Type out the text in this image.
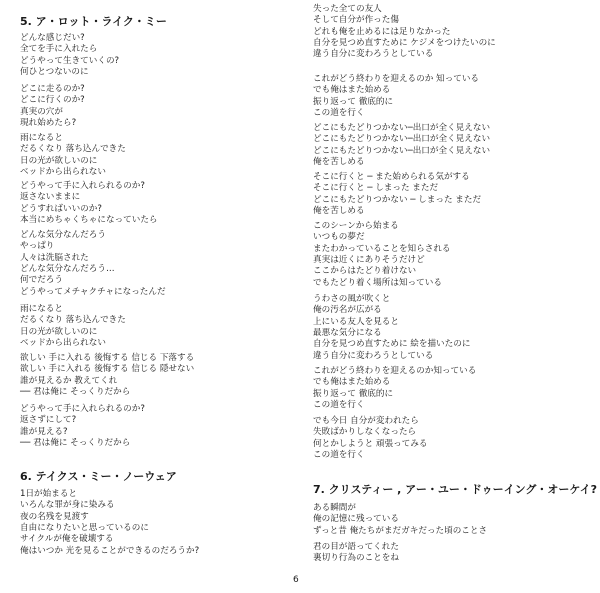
5. ア・ロット・ライク・ミー
どんな感じだい?
全てを手に入れたら
どうやって生きていくの?
何ひとつないのに
どこに走るのか?
どこに行くのか?
真実の穴が
現れ始めたら?
雨になると
だるくなり 落ち込んできた
日の光が欲しいのに
ベッドから出られない
どうやって手に入れられるのか?
返さないままに
どうすればいいのか?
本当にめちゃくちゃになっていたら
どんな気分なんだろう
やっぱり
人々は洗脳された
どんな気分なんだろう…
何でだろう
どうやってメチャクチャになったんだ
雨になると
だるくなり 落ち込んできた
日の光が欲しいのに
ベッドから出られない
欲しい 手に入れる 後悔する 信じる 下落する
欲しい 手に入れる 後悔する 信じる 隠せない
誰が見えるか 教えてくれ
── 君は俺に そっくりだから
どうやって手に入れられるのか?
返さずにして?
誰が見える?
── 君は俺に そっくりだから
6. テイクス・ミー・ノーウェア
1日が始まると
いろんな罪が身に染みる
夜の名残を見渡す
自由になりたいと思っているのに
サイクルが俺を破壊する
俺はいつか 光を見ることができるのだろうか?
失った全ての友人
そして自分が作った傷
どれも俺を止めるには足りなかった
自分を見つめ直すために ケジメをつけたいのに
違う自分に変わろうとしている
これがどう終わりを迎えるのか 知っている
でも俺はまた始める
振り返って 徹底的に
この道を行く
どこにもたどりつかない─出口が全く見えない
どこにもたどりつかない─出口が全く見えない
どこにもたどりつかない─出口が全く見えない
俺を苦しめる
そこに行くと ─ また始められる気がする
そこに行くと ─ しまった まただ
どこにもたどりつかない ─ しまった まただ
俺を苦しめる
このシーンから始まる
いつもの夢だ
またわかっていることを知らされる
真実は近くにありそうだけど
ここからはたどり着けない
でもたどり着く場所は知っている
うわさの風が吹くと
俺の汚名が広がる
上にいる友人を見ると
最悪な気分になる
自分を見つめ直すために 絵を描いたのに
違う自分に変わろうとしている
これがどう終わりを迎えるのか知っている
でも俺はまた始める
振り返って 徹底的に
この道を行く
でも今日 自分が変われたら
失敗ばかりしなくなったら
何とかしようと 頑張ってみる
この道を行く
7. クリスティー , アー・ユー・ドゥーイング・オーケイ?
ある瞬間が
俺の記憶に残っている
ずっと昔 俺たちがまだガキだった頃のことさ
君の目が語ってくれた
裏切り行為のことをね
6
